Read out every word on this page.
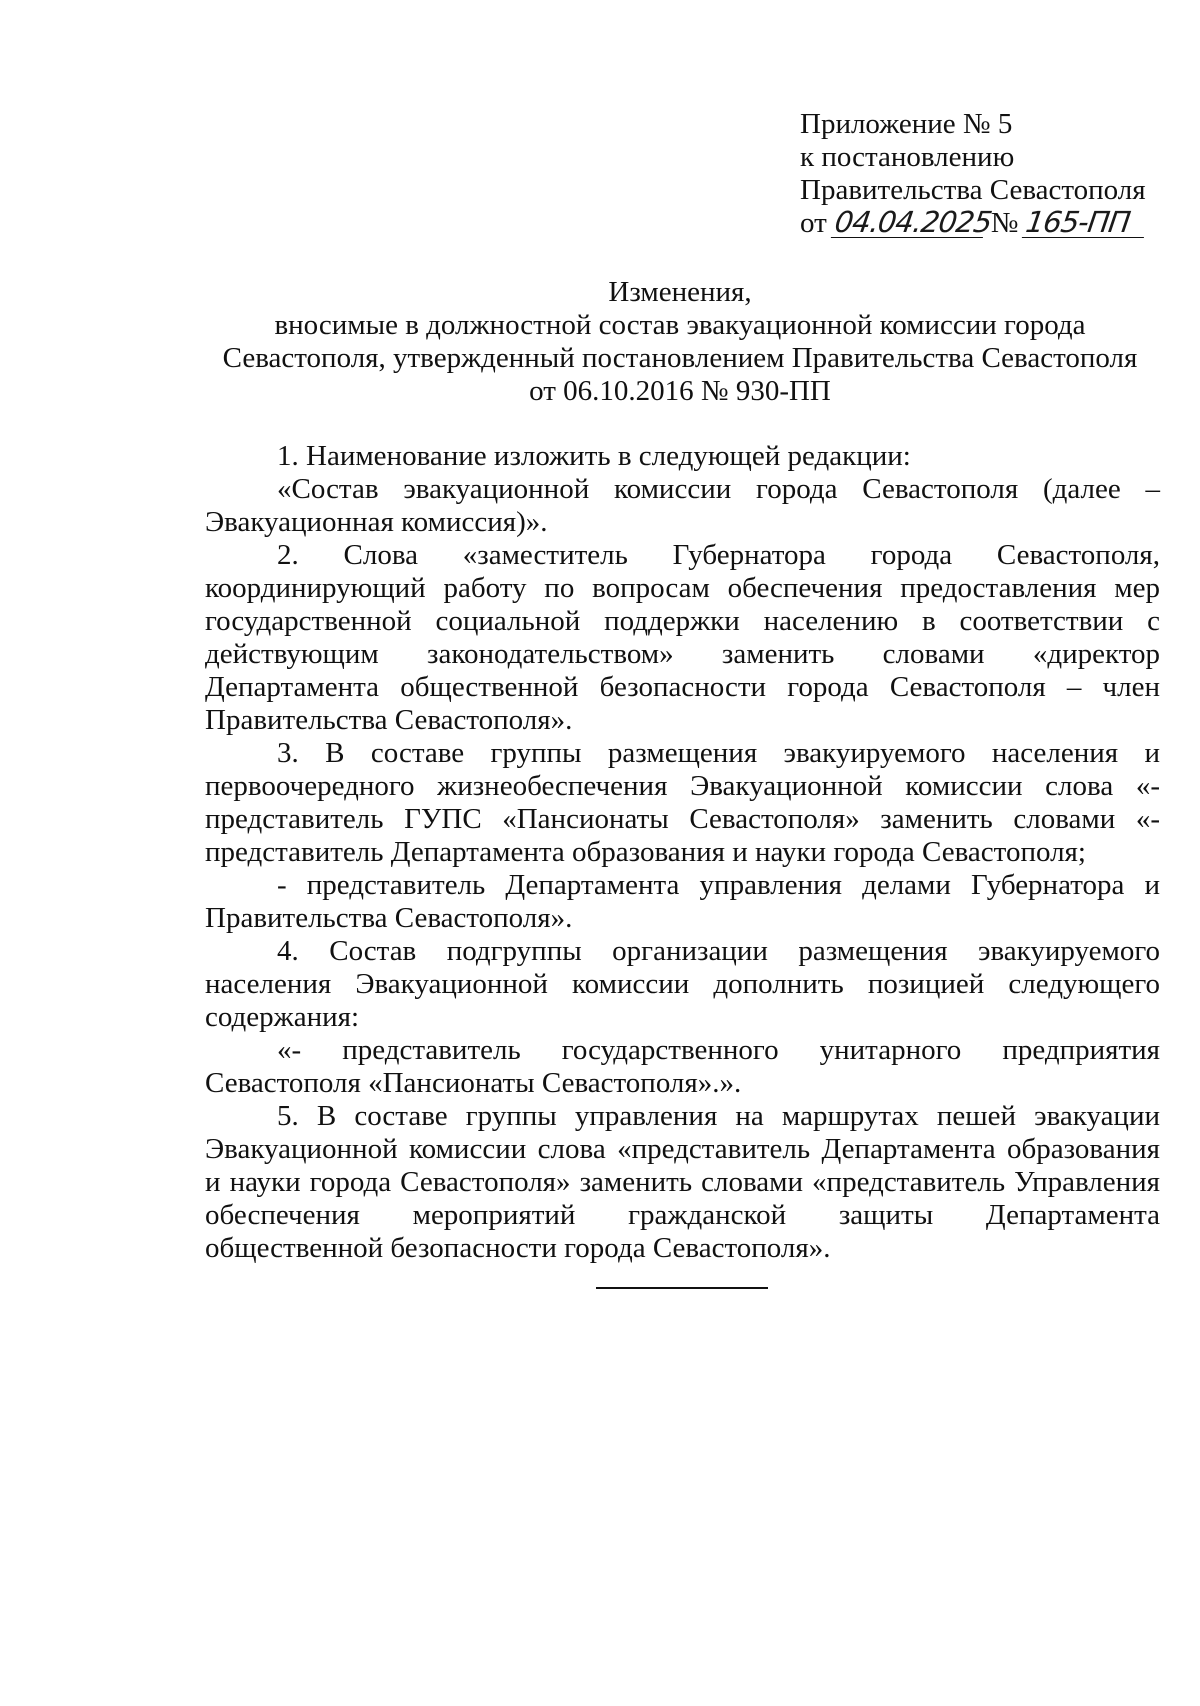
Приложение № 5
к постановлению
Правительства Севастополя
от 04.04.2025№ 165-ПП
Изменения,
вносимые в должностной состав эвакуационной комиссии города
Севастополя, утвержденный постановлением Правительства Севастополя
от 06.10.2016 № 930-ПП

1. Наименование изложить в следующей редакции:

«Состав эвакуационной комиссии города Севастополя (далее – Эвакуационная комиссия)».

2. Слова «заместитель Губернатора города Севастополя, координирующий работу по вопросам обеспечения предоставления мер государственной социальной поддержки населению в соответствии с действующим законодательством» заменить словами «директор Департамента общественной безопасности города Севастополя – член Правительства Севастополя».

3. В составе группы размещения эвакуируемого населения и первоочередного жизнеобеспечения Эвакуационной комиссии слова «- представитель ГУПС «Пансионаты Севастополя» заменить словами «- представитель Департамента образования и науки города Севастополя;

- представитель Департамента управления делами Губернатора и Правительства Севастополя».

4. Состав подгруппы организации размещения эвакуируемого населения Эвакуационной комиссии дополнить позицией следующего содержания:

«- представитель государственного унитарного предприятия Севастополя «Пансионаты Севастополя».».

5. В составе группы управления на маршрутах пешей эвакуации Эвакуационной комиссии слова «представитель Департамента образования и науки города Севастополя» заменить словами «представитель Управления обеспечения мероприятий гражданской защиты Департамента общественной безопасности города Севастополя».
